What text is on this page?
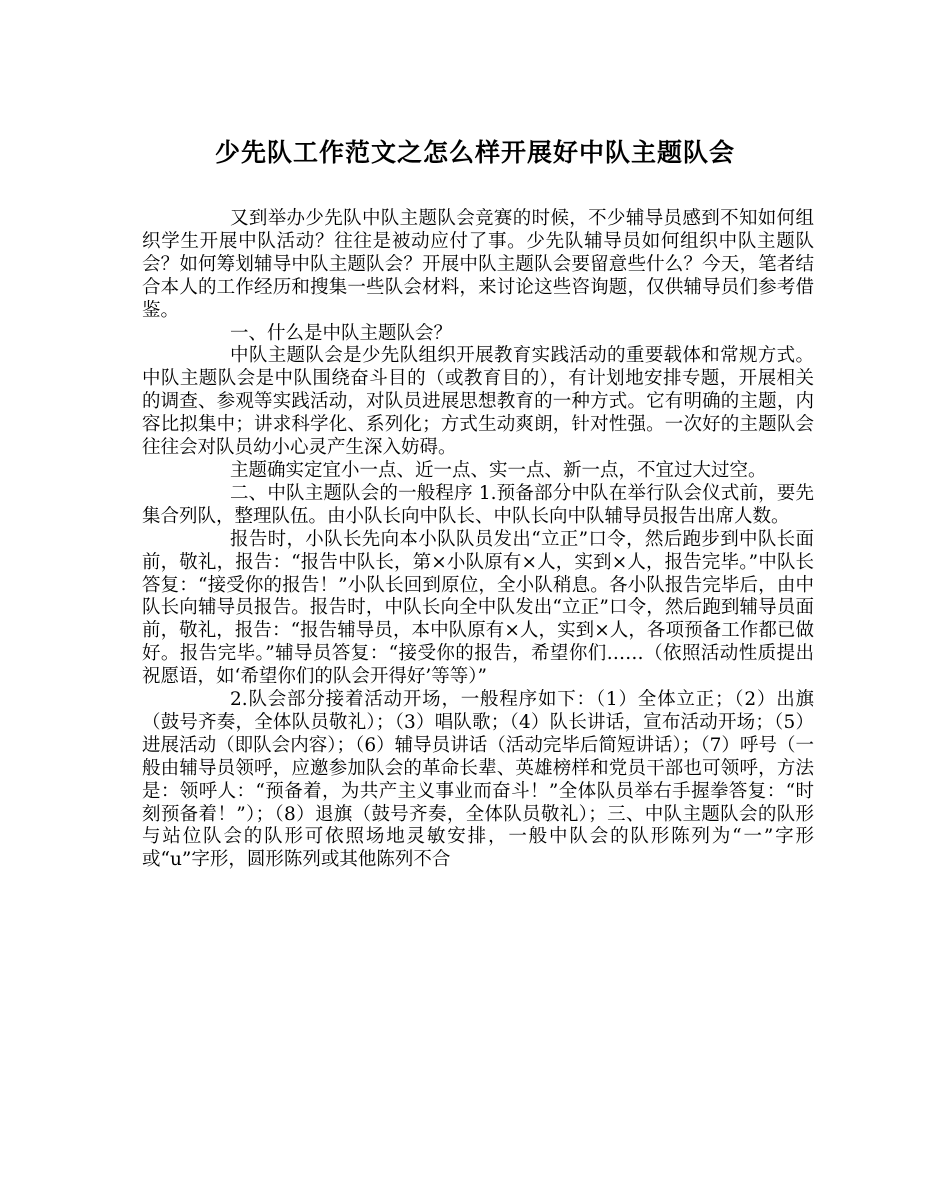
少先队工作范文之怎么样开展好中队主题队会

又到举办少先队中队主题队会竞赛的时候，不少辅导员感到不知如何组织学生开展中队活动？往往是被动应付了事。少先队辅导员如何组织中队主题队会？如何筹划辅导中队主题队会？开展中队主题队会要留意些什么？今天，笔者结合本人的工作经历和搜集一些队会材料，来讨论这些咨询题，仅供辅导员们参考借鉴。

一、什么是中队主题队会？

中队主题队会是少先队组织开展教育实践活动的重要载体和常规方式。中队主题队会是中队围绕奋斗目的（或教育目的），有计划地安排专题，开展相关的调查、参观等实践活动，对队员进展思想教育的一种方式。它有明确的主题，内容比拟集中；讲求科学化、系列化；方式生动爽朗，针对性强。一次好的主题队会往往会对队员幼小心灵产生深入妨碍。

主题确实定宜小一点、近一点、实一点、新一点，不宜过大过空。

二、中队主题队会的一般程序 1.预备部分中队在举行队会仪式前，要先集合列队，整理队伍。由小队长向中队长、中队长向中队辅导员报告出席人数。

报告时，小队长先向本小队队员发出“立正”口令，然后跑步到中队长面前，敬礼，报告：“报告中队长，第×小队原有×人，实到×人，报告完毕。”中队长答复：“接受你的报告！”小队长回到原位，全小队稍息。各小队报告完毕后，由中队长向辅导员报告。报告时，中队长向全中队发出“立正”口令，然后跑到辅导员面前，敬礼，报告：“报告辅导员，本中队原有×人，实到×人，各项预备工作都已做好。报告完毕。”辅导员答复：“接受你的报告，希望你们……（依照活动性质提出祝愿语，如‘希望你们的队会开得好’等等）”

2.队会部分接着活动开场，一般程序如下：（1）全体立正；（2）出旗（鼓号齐奏，全体队员敬礼）；（3）唱队歌；（4）队长讲话，宣布活动开场；（5）进展活动（即队会内容）；（6）辅导员讲话（活动完毕后简短讲话）；（7）呼号（一般由辅导员领呼，应邀参加队会的革命长辈、英雄榜样和党员干部也可领呼，方法是：领呼人：“预备着，为共产主义事业而奋斗！”全体队员举右手握拳答复：“时刻预备着！”）；（8）退旗（鼓号齐奏，全体队员敬礼）；三、中队主题队会的队形与站位队会的队形可依照场地灵敏安排，一般中队会的队形陈列为“一”字形或“u”字形，圆形陈列或其他陈列不合
